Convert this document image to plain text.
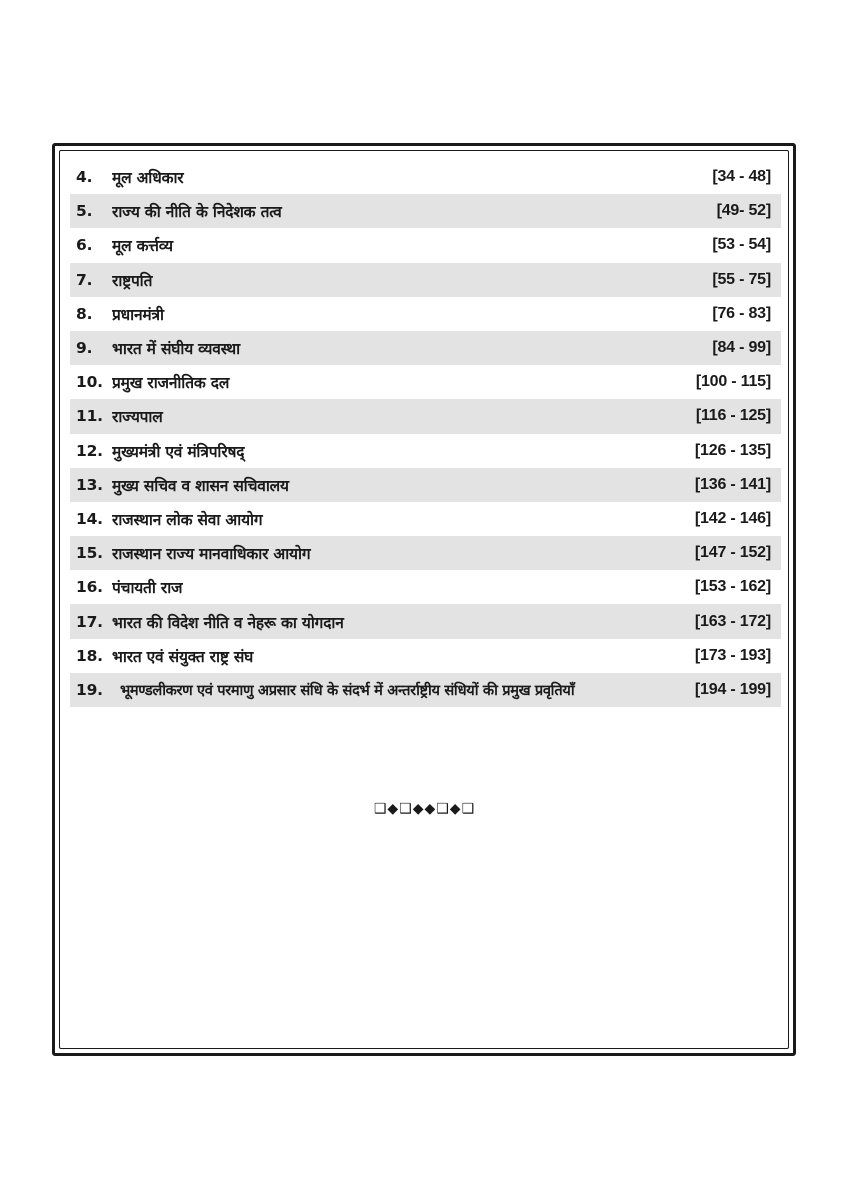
4.	मूल अधिकार	[34 - 48]
5.	राज्य की नीति के निदेशक तत्व	[49- 52]
6.	मूल कर्त्तव्य	[53 - 54]
7.	राष्ट्रपति	[55 - 75]
8.	प्रधानमंत्री	[76 - 83]
9.	भारत में संघीय व्यवस्था	[84 - 99]
10. प्रमुख राजनीतिक दल	[100 - 115]
11. राज्यपाल	[116 - 125]
12. मुख्यमंत्री एवं मंत्रिपरिषद्	[126 - 135]
13. मुख्य सचिव व शासन सचिवालय	[136 - 141]
14. राजस्थान लोक सेवा आयोग	[142 - 146]
15. राजस्थान राज्य मानवाधिकार आयोग	[147 - 152]
16. पंचायती राज	[153 - 162]
17. भारत की विदेश नीति व नेहरू का योगदान	[163 - 172]
18. भारत एवं संयुक्त राष्ट्र संघ	[173 - 193]
19.	भूमण्डलीकरण एवं परमाणु अप्रसार संधि के संदर्भ में अन्तर्राष्ट्रीय संधियों की प्रमुख प्रवृतियाँ	[194 - 199]
❑◆❑◆◆❑◆❑
